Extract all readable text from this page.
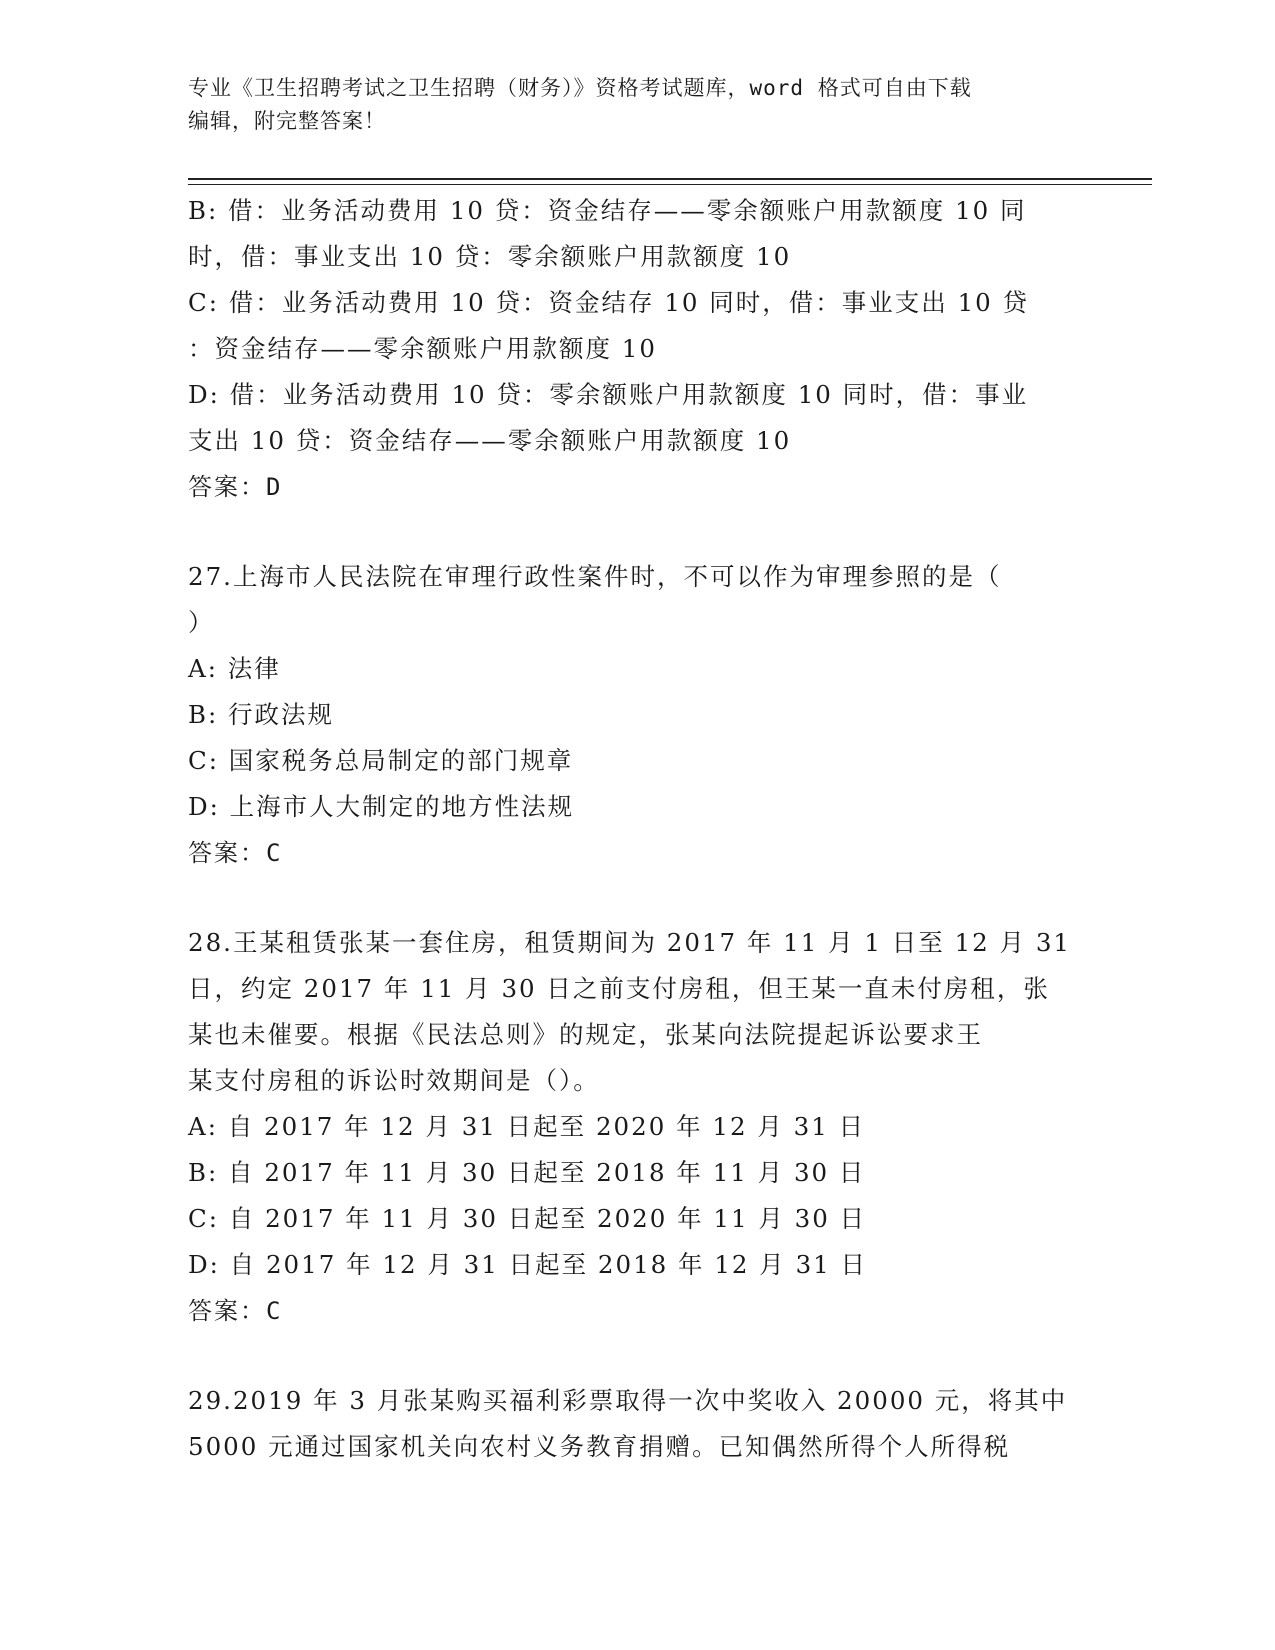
专业《卫生招聘考试之卫生招聘（财务）》资格考试题库，word 格式可自由下载
编辑，附完整答案！
B: 借：业务活动费用 10 贷：资金结存——零余额账户用款额度 10 同
时，借：事业支出 10 贷：零余额账户用款额度 10
C: 借：业务活动费用 10 贷：资金结存 10 同时，借：事业支出 10 贷
：资金结存——零余额账户用款额度 10
D: 借：业务活动费用 10 贷：零余额账户用款额度 10 同时，借：事业
支出 10 贷：资金结存——零余额账户用款额度 10
答案：D
27.上海市人民法院在审理行政性案件时，不可以作为审理参照的是（
）
A: 法律
B: 行政法规
C: 国家税务总局制定的部门规章
D: 上海市人大制定的地方性法规
答案：C
28.王某租赁张某一套住房，租赁期间为 2017 年 11 月 1 日至 12 月 31
日，约定 2017 年 11 月 30 日之前支付房租，但王某一直未付房租，张
某也未催要。根据《民法总则》的规定，张某向法院提起诉讼要求王
某支付房租的诉讼时效期间是（）。
A: 自 2017 年 12 月 31 日起至 2020 年 12 月 31 日
B: 自 2017 年 11 月 30 日起至 2018 年 11 月 30 日
C: 自 2017 年 11 月 30 日起至 2020 年 11 月 30 日
D: 自 2017 年 12 月 31 日起至 2018 年 12 月 31 日
答案：C
29.2019 年 3 月张某购买福利彩票取得一次中奖收入 20000 元，将其中
5000 元通过国家机关向农村义务教育捐赠。已知偶然所得个人所得税
